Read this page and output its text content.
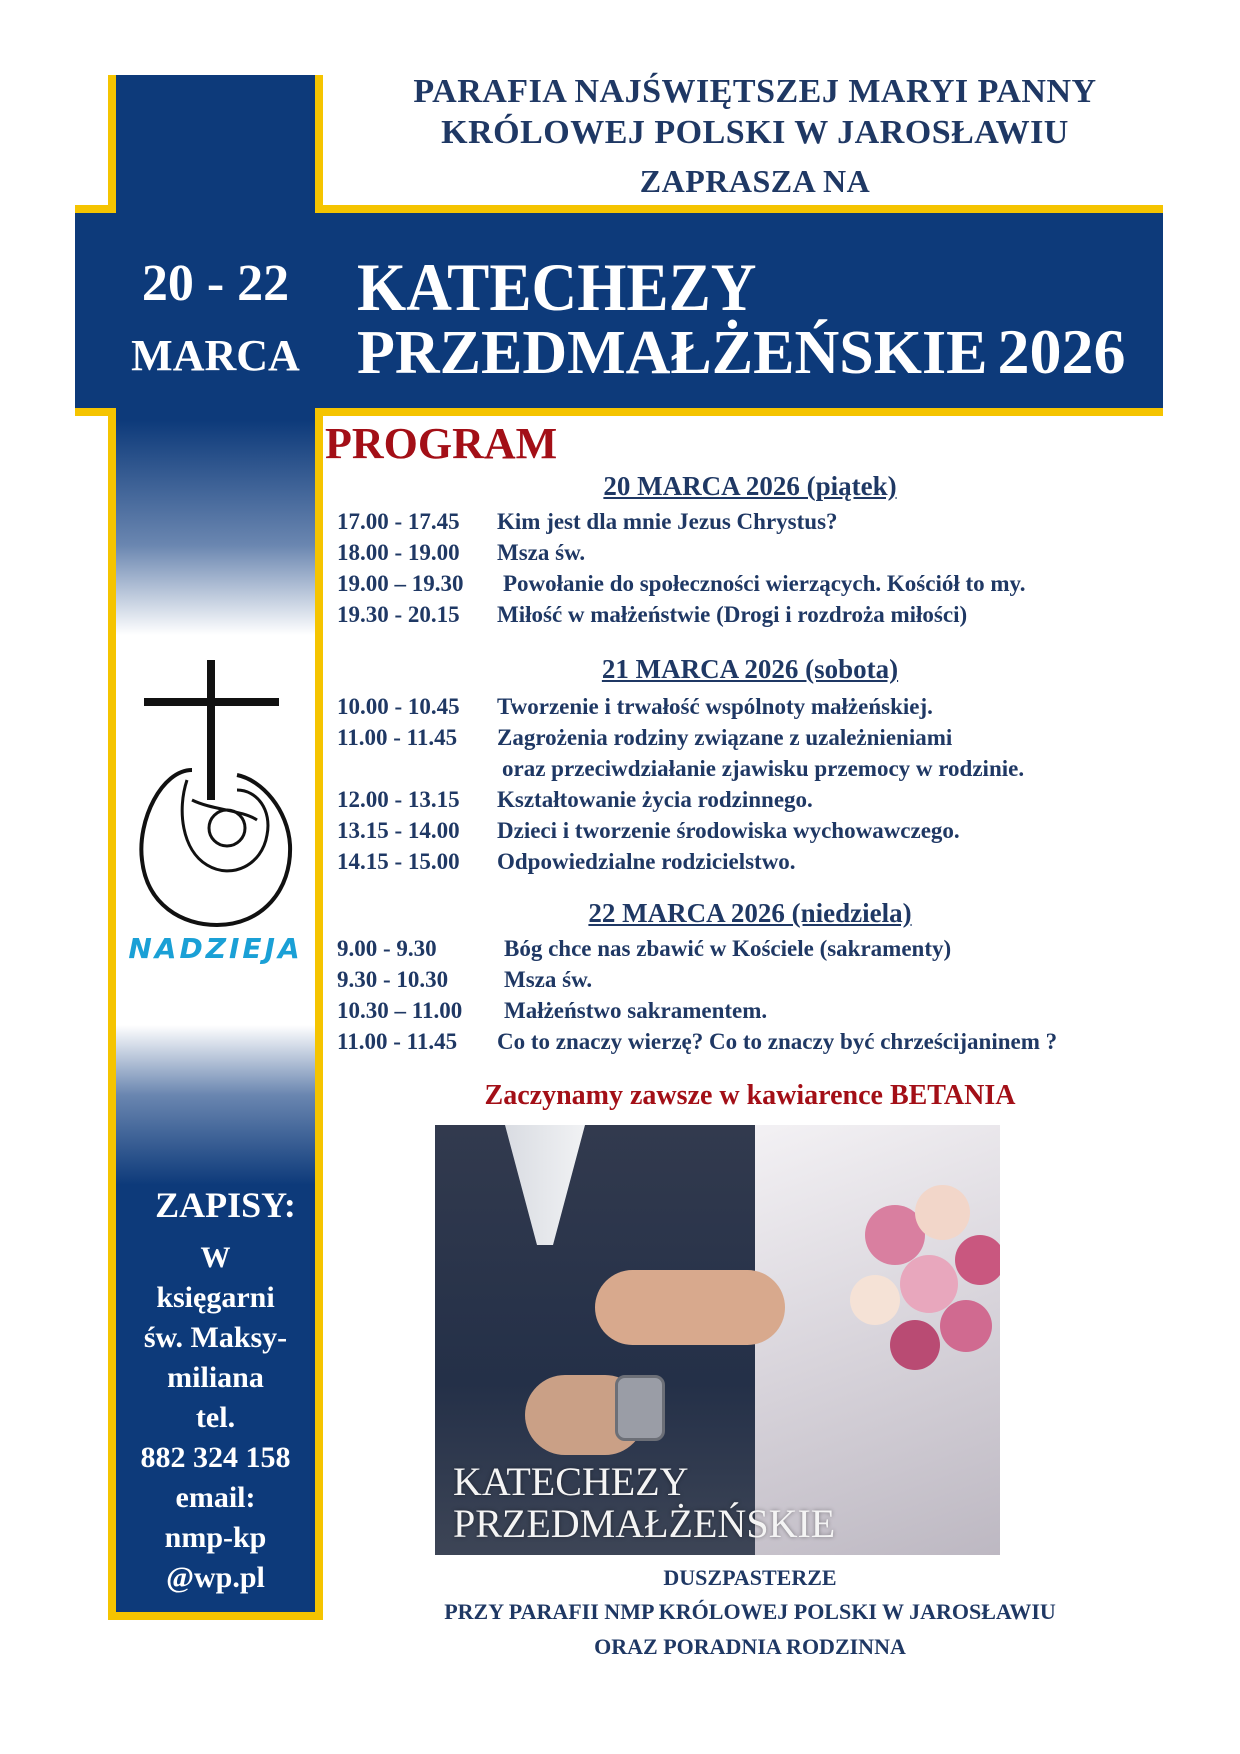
PARAFIA NAJŚWIĘTSZEJ MARYI PANNY
KRÓLOWEJ POLSKI W JAROSŁAWIU
ZAPRASZA NA
20 - 22
MARCA
KATECHEZY
PRZEDMAŁŻEŃSKIE 2026
PROGRAM
20 MARCA 2026 (piątek)
17.00 - 17.45 Kim jest dla mnie Jezus Chrystus?
18.00 - 19.00 Msza św.
19.00 – 19.30 Powołanie do społeczności wierzących. Kościół to my.
19.30 - 20.15 Miłość w małżeństwie (Drogi i rozdroża miłości)
21 MARCA 2026 (sobota)
10.00 - 10.45 Tworzenie i trwałość wspólnoty małżeńskiej.
11.00 - 11.45 Zagrożenia rodziny związane z uzależnieniami
oraz przeciwdziałanie zjawisku przemocy w rodzinie.
12.00 - 13.15 Kształtowanie życia rodzinnego.
13.15 - 14.00 Dzieci i tworzenie środowiska wychowawczego.
14.15 - 15.00 Odpowiedzialne rodzicielstwo.
22 MARCA 2026 (niedziela)
9.00 - 9.30	Bóg chce nas zbawić w Kościele (sakramenty)
9.30 - 10.30 Msza św.
10.30 – 11.00 Małżeństwo sakramentem.
11.00 - 11.45 Co to znaczy wierzę? Co to znaczy być chrześcijaninem ?
Zaczynamy zawsze w kawiarence BETANIA
KATECHEZY
PRZEDMAŁŻEŃSKIE
DUSZPASTERZE
PRZY PARAFII NMP KRÓLOWEJ POLSKI W JAROSŁAWIU
ORAZ PORADNIA RODZINNA
NADZIEJA
ZAPISY:
W
księgarni
św. Maksy-
miliana
tel.
882 324 158
email:
nmp-kp
@wp.pl
